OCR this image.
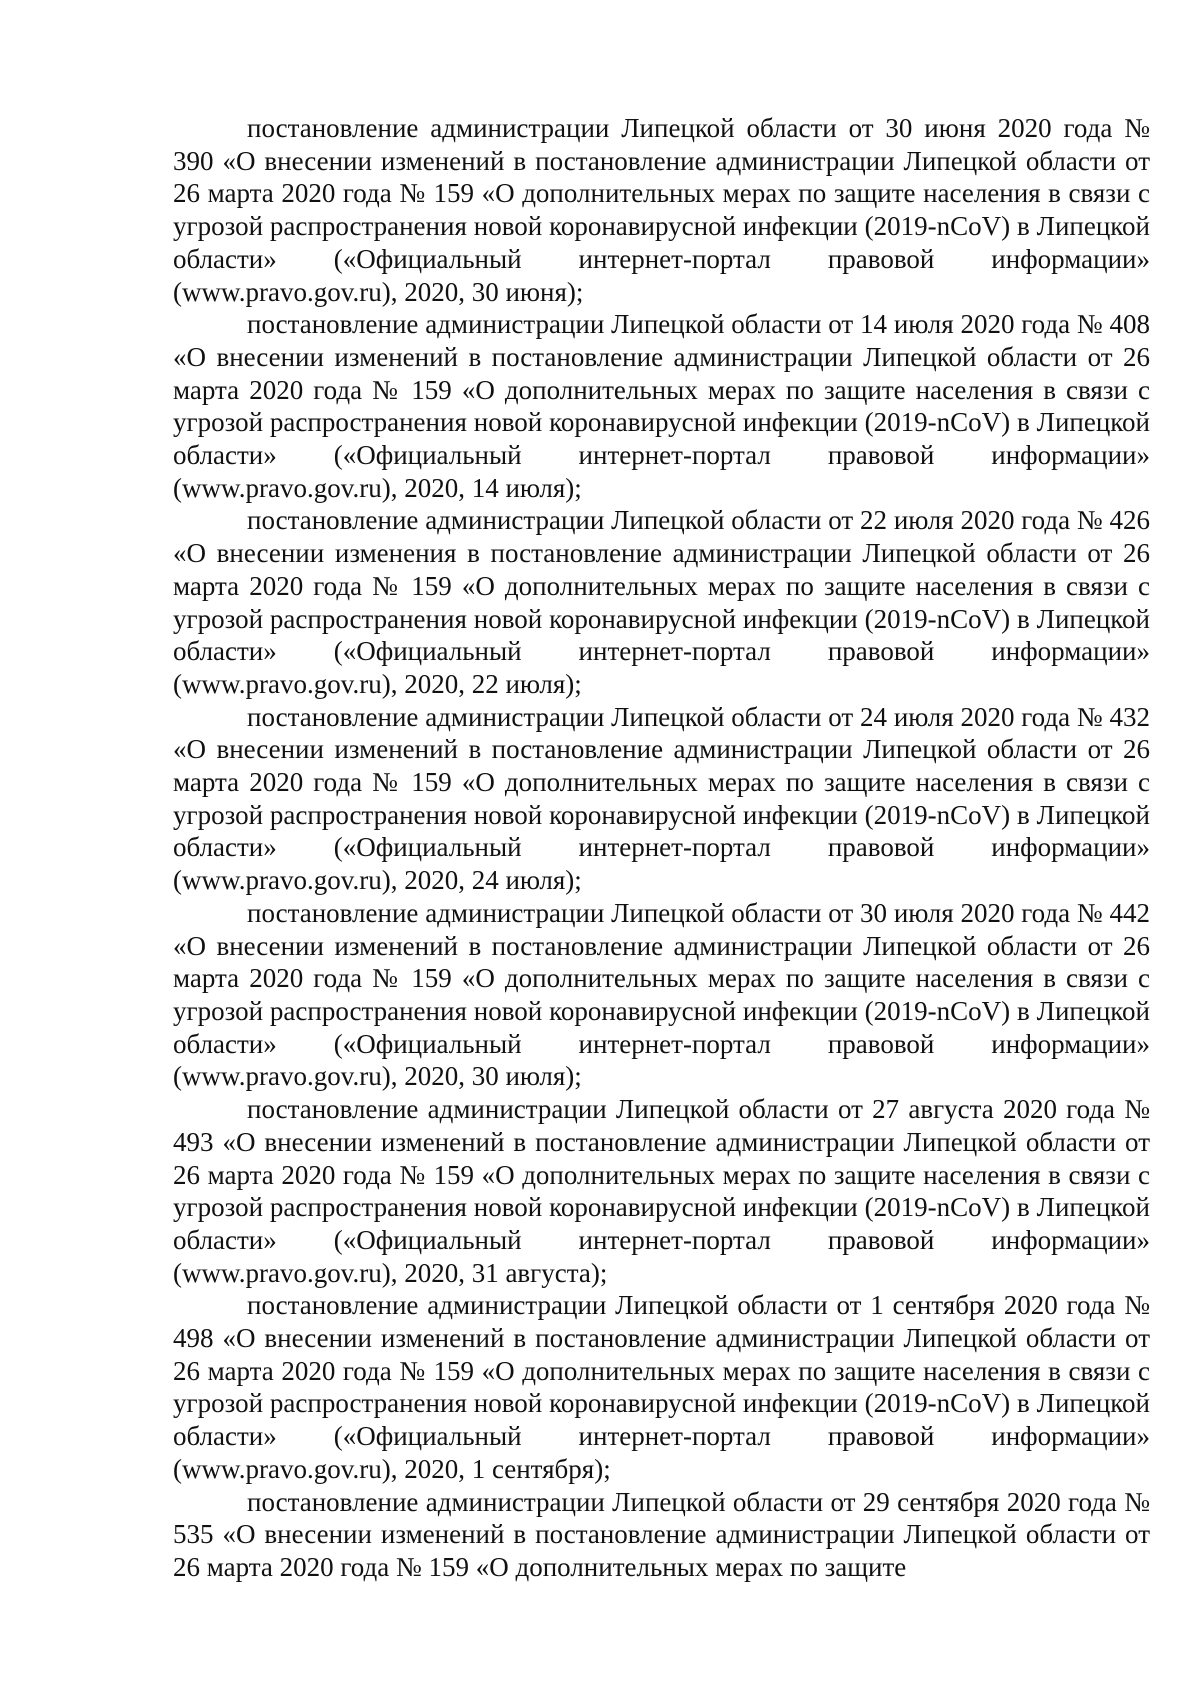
постановление администрации Липецкой области от 30 июня 2020 года № 390 «О внесении изменений в постановление администрации Липецкой области от 26 марта 2020 года № 159 «О дополнительных мерах по защите населения в связи с угрозой распространения новой коронавирусной инфекции (2019-nCoV) в Липецкой области» («Официальный интернет-портал правовой информации» (www.pravo.gov.ru), 2020, 30 июня);

постановление администрации Липецкой области от 14 июля 2020 года № 408 «О внесении изменений в постановление администрации Липецкой области от 26 марта 2020 года № 159 «О дополнительных мерах по защите населения в связи с угрозой распространения новой коронавирусной инфекции (2019-nCoV) в Липецкой области» («Официальный интернет-портал правовой информации» (www.pravo.gov.ru), 2020, 14 июля);

постановление администрации Липецкой области от 22 июля 2020 года № 426 «О внесении изменения в постановление администрации Липецкой области от 26 марта 2020 года № 159 «О дополнительных мерах по защите населения в связи с угрозой распространения новой коронавирусной инфекции (2019-nCoV) в Липецкой области» («Официальный интернет-портал правовой информации» (www.pravo.gov.ru), 2020, 22 июля);

постановление администрации Липецкой области от 24 июля 2020 года № 432 «О внесении изменений в постановление администрации Липецкой области от 26 марта 2020 года № 159 «О дополнительных мерах по защите населения в связи с угрозой распространения новой коронавирусной инфекции (2019-nCoV) в Липецкой области» («Официальный интернет-портал правовой информации» (www.pravo.gov.ru), 2020, 24 июля);

постановление администрации Липецкой области от 30 июля 2020 года № 442 «О внесении изменений в постановление администрации Липецкой области от 26 марта 2020 года № 159 «О дополнительных мерах по защите населения в связи с угрозой распространения новой коронавирусной инфекции (2019-nCoV) в Липецкой области» («Официальный интернет-портал правовой информации» (www.pravo.gov.ru), 2020, 30 июля);

постановление администрации Липецкой области от 27 августа 2020 года № 493 «О внесении изменений в постановление администрации Липецкой области от 26 марта 2020 года № 159 «О дополнительных мерах по защите населения в связи с угрозой распространения новой коронавирусной инфекции (2019-nCoV) в Липецкой области» («Официальный интернет-портал правовой информации» (www.pravo.gov.ru), 2020, 31 августа);

постановление администрации Липецкой области от 1 сентября 2020 года № 498 «О внесении изменений в постановление администрации Липецкой области от 26 марта 2020 года № 159 «О дополнительных мерах по защите населения в связи с угрозой распространения новой коронавирусной инфекции (2019-nCoV) в Липецкой области» («Официальный интернет-портал правовой информации» (www.pravo.gov.ru), 2020, 1 сентября);

постановление администрации Липецкой области от 29 сентября 2020 года № 535 «О внесении изменений в постановление администрации Липецкой области от 26 марта 2020 года № 159 «О дополнительных мерах по защите
